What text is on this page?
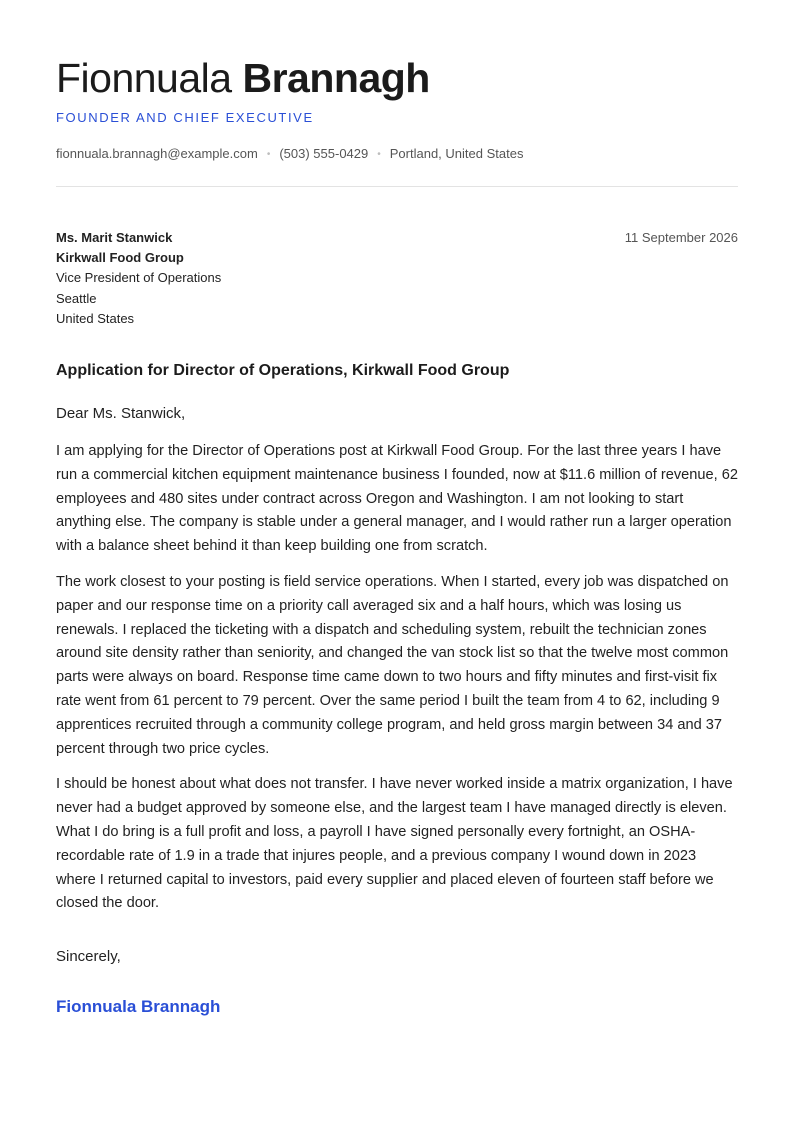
Fionnuala Brannagh
FOUNDER AND CHIEF EXECUTIVE
fionnuala.brannagh@example.com • (503) 555-0429 • Portland, United States
Ms. Marit Stanwick
Kirkwall Food Group
Vice President of Operations
Seattle
United States
11 September 2026
Application for Director of Operations, Kirkwall Food Group
Dear Ms. Stanwick,

I am applying for the Director of Operations post at Kirkwall Food Group. For the last three years I have run a commercial kitchen equipment maintenance business I founded, now at $11.6 million of revenue, 62 employees and 480 sites under contract across Oregon and Washington. I am not looking to start anything else. The company is stable under a general manager, and I would rather run a larger operation with a balance sheet behind it than keep building one from scratch.

The work closest to your posting is field service operations. When I started, every job was dispatched on paper and our response time on a priority call averaged six and a half hours, which was losing us renewals. I replaced the ticketing with a dispatch and scheduling system, rebuilt the technician zones around site density rather than seniority, and changed the van stock list so that the twelve most common parts were always on board. Response time came down to two hours and fifty minutes and first-visit fix rate went from 61 percent to 79 percent. Over the same period I built the team from 4 to 62, including 9 apprentices recruited through a community college program, and held gross margin between 34 and 37 percent through two price cycles.

I should be honest about what does not transfer. I have never worked inside a matrix organization, I have never had a budget approved by someone else, and the largest team I have managed directly is eleven. What I do bring is a full profit and loss, a payroll I have signed personally every fortnight, an OSHA-recordable rate of 1.9 in a trade that injures people, and a previous company I wound down in 2023 where I returned capital to investors, paid every supplier and placed eleven of fourteen staff before we closed the door.

Sincerely,
Fionnuala Brannagh
